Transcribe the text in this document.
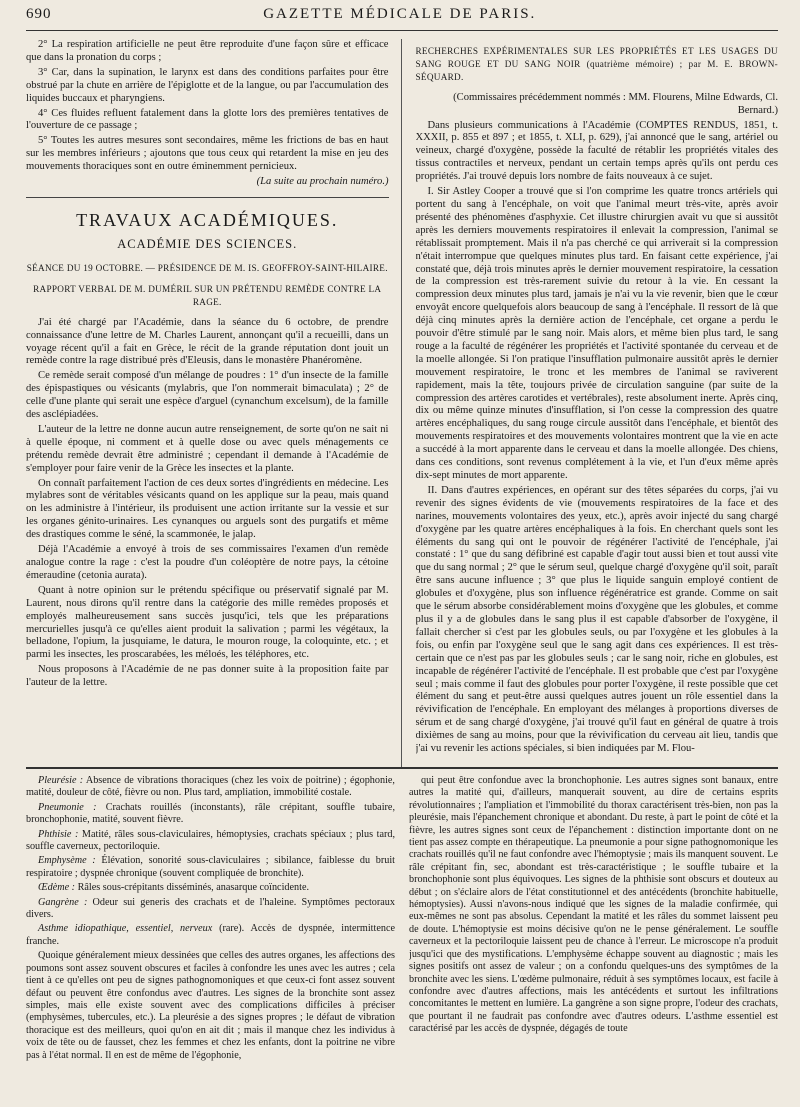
690	GAZETTE MÉDICALE DE PARIS.

2° La respiration artificielle ne peut être reproduite d'une façon sûre et efficace que dans la pronation du corps ;

3° Car, dans la supination, le larynx est dans des conditions parfaites pour être obstrué par la chute en arrière de l'épiglotte et de la langue, ou par l'accumulation des liquides buccaux et pharyngiens.

4° Ces fluides refluent fatalement dans la glotte lors des premières tentatives de l'ouverture de ce passage ;

5° Toutes les autres mesures sont secondaires, même les frictions de bas en haut sur les membres inférieurs ; ajoutons que tous ceux qui retardent la mise en jeu des mouvements thoraciques sont en outre éminemment pernicieux.

(La suite au prochain numéro.)

TRAVAUX ACADÉMIQUES.
ACADÉMIE DES SCIENCES.

SÉANCE DU 19 OCTOBRE. — PRÉSIDENCE DE M. IS. GEOFFROY-SAINT-HILAIRE.

RAPPORT VERBAL DE M. DUMÉRIL SUR UN PRÉTENDU REMÈDE CONTRE LA RAGE.

J'ai été chargé par l'Académie, dans la séance du 6 octobre, de prendre connaissance d'une lettre de M. Charles Laurent, annonçant qu'il a recueilli, dans un voyage récent qu'il a fait en Grèce, le récit de la grande réputation dont jouit un remède contre la rage distribué près d'Eleusis, dans le monastère Phanéromène.

Ce remède serait composé d'un mélange de poudres : 1° d'un insecte de la famille des épispastiques ou vésicants (mylabris, que l'on nommerait bimaculata) ; 2° de celle d'une plante qui serait une espèce d'arguel (cynanchum excelsum), de la famille des asclépiadées.

L'auteur de la lettre ne donne aucun autre renseignement, de sorte qu'on ne sait ni à quelle époque, ni comment et à quelle dose ou avec quels ménagements ce prétendu remède devrait être administré ; cependant il demande à l'Académie de s'employer pour faire venir de la Grèce les insectes et la plante.

On connaît parfaitement l'action de ces deux sortes d'ingrédients en médecine. Les mylabres sont de véritables vésicants quand on les applique sur la peau, mais quand on les administre à l'intérieur, ils produisent une action irritante sur la vessie et sur les organes génito-urinaires. Les cynanques ou arguels sont des purgatifs et même des drastiques comme le séné, la scammonée, le jalap.

Déjà l'Académie a envoyé à trois de ses commissaires l'examen d'un remède analogue contre la rage : c'est la poudre d'un coléoptère de notre pays, la cétoine émeraudine (cetonia aurata).

Quant à notre opinion sur le prétendu spécifique ou préservatif signalé par M. Laurent, nous dirons qu'il rentre dans la catégorie des mille remèdes proposés et employés malheureusement sans succès jusqu'ici, tels que les préparations mercurielles jusqu'à ce qu'elles aient produit la salivation ; parmi les végétaux, la belladone, l'opium, la jusquiame, le datura, le mouron rouge, la coloquinte, etc. ; et parmi les insectes, les proscarabées, les méloés, les téléphores, etc.

Nous proposons à l'Académie de ne pas donner suite à la proposition faite par l'auteur de la lettre.

RECHERCHES EXPÉRIMENTALES SUR LES PROPRIÉTÉS ET LES USAGES DU SANG ROUGE ET DU SANG NOIR (quatrième mémoire) ; par M. E. BROWN-SÉQUARD.

(Commissaires précédemment nommés : MM. Flourens, Milne Edwards, Cl. Bernard.)

Dans plusieurs communications à l'Académie (COMPTES RENDUS, 1851, t. XXXII, p. 855 et 897 ; et 1855, t. XLI, p. 629), j'ai annoncé que le sang, artériel ou veineux, chargé d'oxygène, possède la faculté de rétablir les propriétés vitales des tissus contractiles et nerveux, pendant un certain temps après qu'ils ont perdu ces propriétés. J'ai trouvé depuis lors nombre de faits nouveaux à ce sujet.

I. Sir Astley Cooper a trouvé que si l'on comprime les quatre troncs artériels qui portent du sang à l'encéphale, on voit que l'animal meurt très-vite, après avoir présenté des phénomènes d'asphyxie. Cet illustre chirurgien avait vu que si aussitôt après les derniers mouvements respiratoires il enlevait la compression, l'animal se rétablissait promptement. Mais il n'a pas cherché ce qui arriverait si la compression n'était interrompue que quelques minutes plus tard. En faisant cette expérience, j'ai constaté que, déjà trois minutes après le dernier mouvement respiratoire, la cessation de la compression est très-rarement suivie du retour à la vie. En cessant la compression deux minutes plus tard, jamais je n'ai vu la vie revenir, bien que le cœur envoyât encore quelquefois alors beaucoup de sang à l'encéphale. Il ressort de là que déjà cinq minutes après la dernière action de l'encéphale, cet organe a perdu le pouvoir d'être stimulé par le sang noir. Mais alors, et même bien plus tard, le sang rouge a la faculté de régénérer les propriétés et l'activité spontanée du cerveau et de la moelle allongée. Si l'on pratique l'insufflation pulmonaire aussitôt après le dernier mouvement respiratoire, le tronc et les membres de l'animal se raviverent rapidement, mais la tête, toujours privée de circulation sanguine (par suite de la compression des artères carotides et vertébrales), reste absolument inerte. Après cinq, dix ou même quinze minutes d'insufflation, si l'on cesse la compression des quatre artères encéphaliques, du sang rouge circule aussitôt dans l'encéphale, et bientôt des mouvements respiratoires et des mouvements volontaires montrent que la vie en acte a succédé à la mort apparente dans le cerveau et dans la moelle allongée. Des chiens, dans ces conditions, sont revenus complétement à la vie, et l'un d'eux même après dix-sept minutes de mort apparente.

II. Dans d'autres expériences, en opérant sur des têtes séparées du corps, j'ai vu revenir des signes évidents de vie (mouvements respiratoires de la face et des narines, mouvements volontaires des yeux, etc.), après avoir injecté du sang chargé d'oxygène par les quatre artères encéphaliques à la fois. En cherchant quels sont les éléments du sang qui ont le pouvoir de régénérer l'activité de l'encéphale, j'ai constaté : 1° que du sang défibriné est capable d'agir tout aussi bien et tout aussi vite que du sang normal ; 2° que le sérum seul, quelque chargé d'oxygène qu'il soit, paraît être sans aucune influence ; 3° que plus le liquide sanguin employé contient de globules et d'oxygène, plus son influence régénératrice est grande. Comme on sait que le sérum absorbe considérablement moins d'oxygène que les globules, et comme plus il y a de globules dans le sang plus il est capable d'absorber de l'oxygène, il fallait chercher si c'est par les globules seuls, ou par l'oxygène et les globules à la fois, ou enfin par l'oxygène seul que le sang agit dans ces expériences. Il est très-certain que ce n'est pas par les globules seuls ; car le sang noir, riche en globules, est incapable de régénérer l'activité de l'encéphale. Il est probable que c'est par l'oxygène seul ; mais comme il faut des globules pour porter l'oxygène, il reste possible que cet élément du sang et peut-être aussi quelques autres jouent un rôle essentiel dans la révivification de l'encéphale. En employant des mélanges à proportions diverses de sérum et de sang chargé d'oxygène, j'ai trouvé qu'il faut en général de quatre à trois dixièmes de sang au moins, pour que la révivification du cerveau ait lieu, tandis que j'ai vu revenir les actions spéciales, si bien indiquées par M. Flou-

Pleurésie : Absence de vibrations thoraciques (chez les voix de poitrine) ; égophonie, matité, douleur de côté, fièvre ou non. Plus tard, ampliation, immobilité costale.

Pneumonie : Crachats rouillés (inconstants), râle crépitant, souffle tubaire, bronchophonie, matité, souvent fièvre.

Phthisie : Matité, râles sous-claviculaires, hémoptysies, crachats spéciaux ; plus tard, souffle caverneux, pectoriloquie.

Emphysème : Élévation, sonorité sous-claviculaires ; sibilance, faiblesse du bruit respiratoire ; dyspnée chronique (souvent compliquée de bronchite).

Œdème : Râles sous-crépitants disséminés, anasarque coïncidente.

Gangrène : Odeur sui generis des crachats et de l'haleine. Symptômes pectoraux divers.

Asthme idiopathique, essentiel, nerveux (rare). Accès de dyspnée, intermittence franche.

Quoique généralement mieux dessinées que celles des autres organes, les affections des poumons sont assez souvent obscures et faciles à confondre les unes avec les autres ; cela tient à ce qu'elles ont peu de signes pathognomoniques et que ceux-ci font assez souvent défaut ou peuvent être confondus avec d'autres. Les signes de la bronchite sont assez simples, mais elle existe souvent avec des complications difficiles à préciser (emphysèmes, tubercules, etc.). La pleurésie a des signes propres ; le défaut de vibration thoracique est des meilleurs, quoi qu'on en ait dit ; mais il manque chez les individus à voix de tête ou de fausset, chez les femmes et chez les enfants, dont la poitrine ne vibre pas à l'état normal. Il en est de même de l'égophonie,

qui peut être confondue avec la bronchophonie. Les autres signes sont banaux, entre autres la matité qui, d'ailleurs, manquerait souvent, au dire de certains esprits révolutionnaires ; l'ampliation et l'immobilité du thorax caractérisent très-bien, non pas la pleurésie, mais l'épanchement chronique et abondant. Du reste, à part le point de côté et la fièvre, les autres signes sont ceux de l'épanchement : distinction importante dont on ne tient pas assez compte en thérapeutique. La pneumonie a pour signe pathognomonique les crachats rouillés qu'il ne faut confondre avec l'hémoptysie ; mais ils manquent souvent. Le râle crépitant fin, sec, abondant est très-caractéristique ; le souffle tubaire et la bronchophonie sont plus équivoques. Les signes de la phthisie sont obscurs et douteux au début ; on s'éclaire alors de l'état constitutionnel et des antécédents (bronchite habituelle, hémoptysies). Aussi n'avons-nous indiqué que les signes de la maladie confirmée, qui eux-mêmes ne sont pas absolus. Cependant la matité et les râles du sommet laissent peu de doute. L'hémoptysie est moins décisive qu'on ne le pense généralement. Le souffle caverneux et la pectoriloquie laissent peu de chance à l'erreur. Le microscope n'a produit jusqu'ici que des mystifications. L'emphysème échappe souvent au diagnostic ; mais les signes positifs ont assez de valeur ; on a confondu quelques-uns des symptômes de la bronchite avec les siens. L'œdème pulmonaire, réduit à ses symptômes locaux, est facile à confondre avec d'autres affections, mais les antécédents et surtout les infiltrations concomitantes le mettent en lumière. La gangrène a son signe propre, l'odeur des crachats, que pourtant il ne faudrait pas confondre avec d'autres odeurs. L'asthme essentiel est caractérisé par les accès de dyspnée, dégagés de toute
